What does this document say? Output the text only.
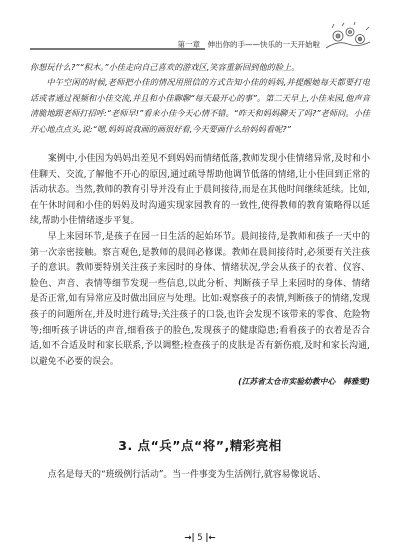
第一章　伸出你的手——快乐的一天开始啦

你想玩什么?”“积木。”小佳走向自己喜欢的游戏区,笑容重新回到他的脸上。

中午空闲的时候,老师把小佳的情况用照信的方式告知小佳的妈妈,并提醒她每天都要打电话或者通过视频和小佳交流,并且和小佳聊聊“每天最开心的事”。第二天早上,小佳来园,他声音清脆地跟老师打招呼:“老师早!”看来小佳今天心情不错。“昨天和妈妈聊天了吗?”老师问。小佳开心地点点头,说:“嗯,妈妈说我画的画很好看,今天要画什么给妈妈看呢?”

案例中,小佳因为妈妈出差见不到妈妈而情绪低落,教师发现小佳情绪异常,及时和小佳聊天、交流,了解他不开心的原因,通过疏导帮助他调节低落的情绪,让小佳回到正常的活动状态。当然,教师的教育引导并没有止于晨间接待,而是在其他时间继续延续。比如,在午休时间和小佳的妈妈及时沟通实现家园教育的一致性,使得教师的教育策略得以延续,帮助小佳情绪逐步平复。

早上来园环节,是孩子在园一日生活的起始环节。晨间接待,是教师和孩子一天中的第一次亲密接触。察言观色,是教师的晨间必修课。教师在晨间接待时,必须要有关注孩子的意识。教师要特别关注孩子来园时的身体、情绪状况,学会从孩子的衣着、仪容、脸色、声音、表情等细节发现一些信息,以此分析、判断孩子早上来园时的身体、情绪是否正常,如有异常应及时做出回应与处理。比如:观察孩子的表情,判断孩子的情绪,发现孩子的问题所在,并及时进行疏导;关注孩子的口袋,也许会发现不该带来的零食、危险物等;细听孩子讲话的声音,细看孩子的脸色,发现孩子的健康隐患;看看孩子的衣着是否合适,如不合适及时和家长联系,予以调整;检查孩子的皮肤是否有新伤痕,及时和家长沟通,以避免不必要的误会。

(江苏省太仓市实验幼教中心　韩雅雯)

3. 点“兵”点“将”,精彩亮相

点名是每天的“班级例行活动”。当一件事变为生活例行,就容易像说话、

→| 5 |←
